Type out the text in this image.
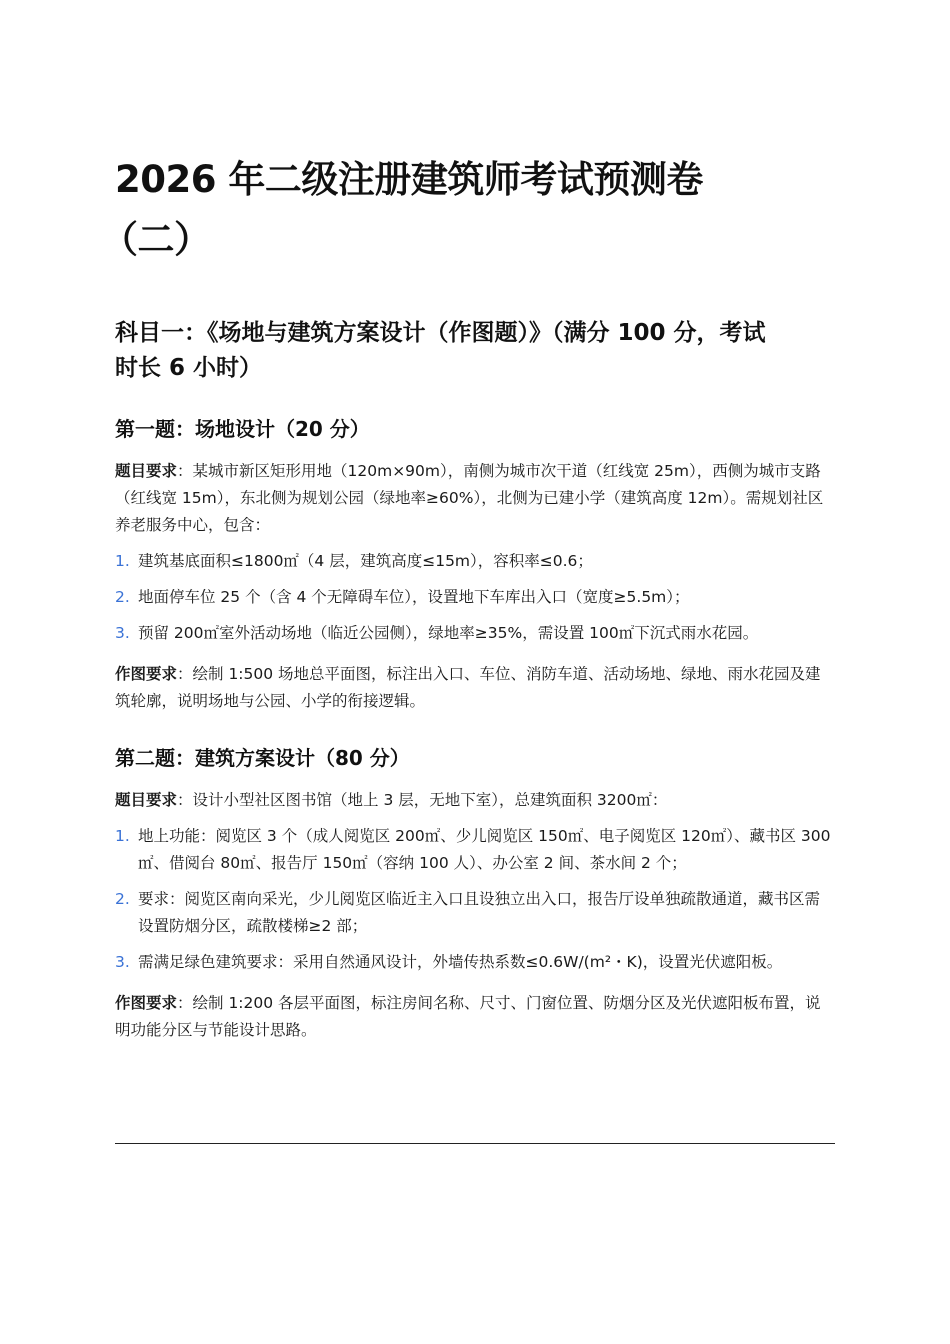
2026 年二级注册建筑师考试预测卷
（二）
科目一：《场地与建筑方案设计（作图题）》（满分 100 分，考试
时长 6 小时）
第一题：场地设计（20 分）

题目要求：某城市新区矩形用地（120m×90m），南侧为城市次干道（红线宽 25m），西侧为城市支路（红线宽 15m），东北侧为规划公园（绿地率≥60%），北侧为已建小学（建筑高度 12m）。需规划社区养老服务中心，包含：

1. 建筑基底面积≤1800㎡（4 层，建筑高度≤15m），容积率≤0.6；
2. 地面停车位 25 个（含 4 个无障碍车位），设置地下车库出入口（宽度≥5.5m）；
3. 预留 200㎡室外活动场地（临近公园侧），绿地率≥35%，需设置 100㎡下沉式雨水花园。

作图要求：绘制 1:500 场地总平面图，标注出入口、车位、消防车道、活动场地、绿地、雨水花园及建筑轮廓，说明场地与公园、小学的衔接逻辑。

第二题：建筑方案设计（80 分）

题目要求：设计小型社区图书馆（地上 3 层，无地下室），总建筑面积 3200㎡：

1. 地上功能：阅览区 3 个（成人阅览区 200㎡、少儿阅览区 150㎡、电子阅览区 120㎡）、藏书区 300㎡、借阅台 80㎡、报告厅 150㎡（容纳 100 人）、办公室 2 间、茶水间 2 个；
2. 要求：阅览区南向采光，少儿阅览区临近主入口且设独立出入口，报告厅设单独疏散通道，藏书区需设置防烟分区，疏散楼梯≥2 部；
3. 需满足绿色建筑要求：采用自然通风设计，外墙传热系数≤0.6W/(m²・K)，设置光伏遮阳板。

作图要求：绘制 1:200 各层平面图，标注房间名称、尺寸、门窗位置、防烟分区及光伏遮阳板布置，说明功能分区与节能设计思路。
